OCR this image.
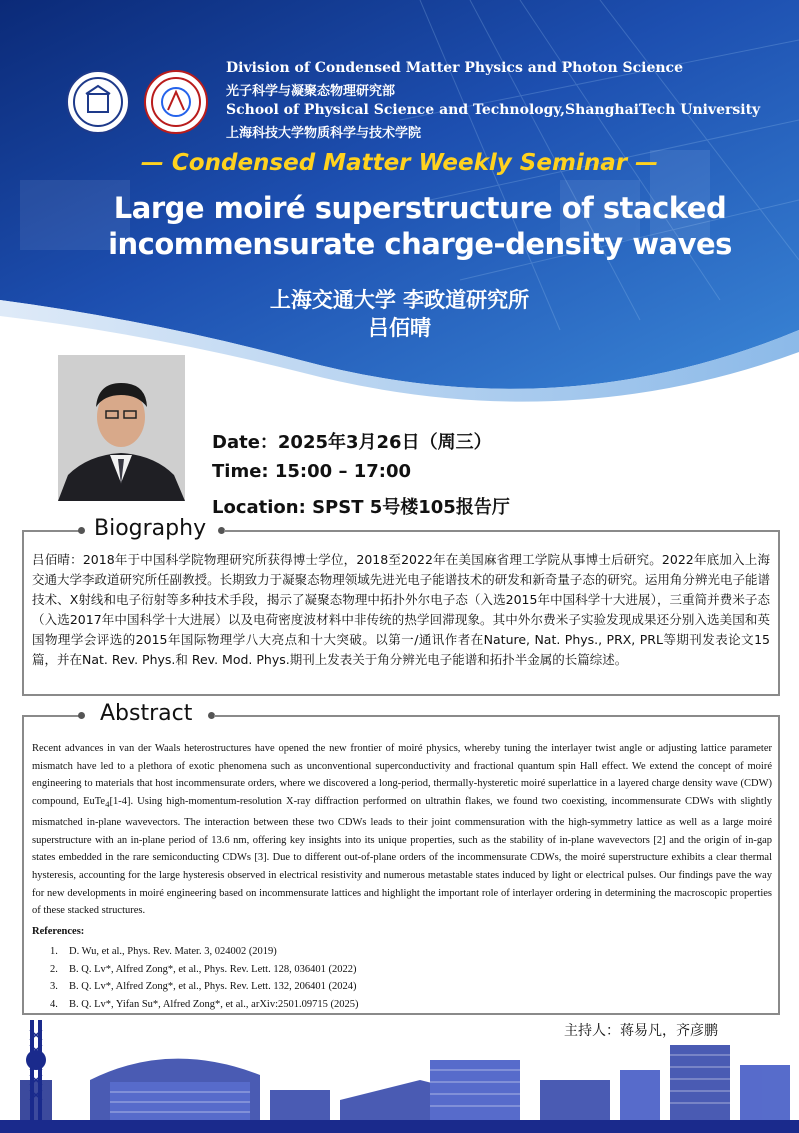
Division of Condensed Matter Physics and Photon Science
光子科学与凝聚态物理研究部
School of Physical Science and Technology,ShanghaiTech University
上海科技大学物质科学与技术学院
— Condensed Matter Weekly Seminar —
Large moiré superstructure of stacked
incommensurate charge-density waves
上海交通大学 李政道研究所
吕佰晴
Date：2025年3月26日（周三）
Time: 15:00 – 17:00
Location: SPST 5号楼105报告厅
Biography
吕佰晴：2018年于中国科学院物理研究所获得博士学位，2018至2022年在美国麻省理工学院从事博士后研究。2022年底加入上海交通大学李政道研究所任副教授。长期致力于凝聚态物理领域先进光电子能谱技术的研发和新奇量子态的研究。运用角分辨光电子能谱技术、X射线和电子衍射等多种技术手段，揭示了凝聚态物理中拓扑外尔电子态（入选2015年中国科学十大进展），三重简并费米子态（入选2017年中国科学十大进展）以及电荷密度波材料中非传统的热学回滞现象。其中外尔费米子实验发现成果还分别入选美国和英国物理学会评选的2015年国际物理学八大亮点和十大突破。以第一/通讯作者在Nature, Nat. Phys., PRX, PRL等期刊发表论文15篇，并在Nat. Rev. Phys.和 Rev. Mod. Phys.期刊上发表关于角分辨光电子能谱和拓扑半金属的长篇综述。
Abstract
Recent advances in van der Waals heterostructures have opened the new frontier of moiré physics, whereby tuning the interlayer twist angle or adjusting lattice parameter mismatch have led to a plethora of exotic phenomena such as unconventional superconductivity and fractional quantum spin Hall effect. We extend the concept of moiré engineering to materials that host incommensurate orders, where we discovered a long-period, thermally-hysteretic moiré superlattice in a layered charge density wave (CDW) compound, EuTe$_4$[1-4]. Using high-momentum-resolution X-ray diffraction performed on ultrathin flakes, we found two coexisting, incommensurate CDWs with slightly mismatched in-plane wavevectors. The interaction between these two CDWs leads to their joint commensuration with the high-symmetry lattice as well as a large moiré superstructure with an in-plane period of 13.6 nm, offering key insights into its unique properties, such as the stability of in-plane wavevectors [2] and the origin of in-gap states embedded in the rare semiconducting CDWs [3]. Due to different out-of-plane orders of the incommensurate CDWs, the moiré superstructure exhibits a clear thermal hysteresis, accounting for the large hysteresis observed in electrical resistivity and numerous metastable states induced by light or electrical pulses. Our findings pave the way for new developments in moiré engineering based on incommensurate lattices and highlight the important role of interlayer ordering in determining the macroscopic properties of these stacked structures.
References:
1. D. Wu, et al., Phys. Rev. Mater. 3, 024002 (2019)
2. B. Q. Lv*, Alfred Zong*, et al., Phys. Rev. Lett. 128, 036401 (2022)
3. B. Q. Lv*, Alfred Zong*, et al., Phys. Rev. Lett. 132, 206401 (2024)
4. B. Q. Lv*, Yifan Su*, Alfred Zong*, et al., arXiv:2501.09715 (2025)
主持人：蒋易凡，齐彦鹏
